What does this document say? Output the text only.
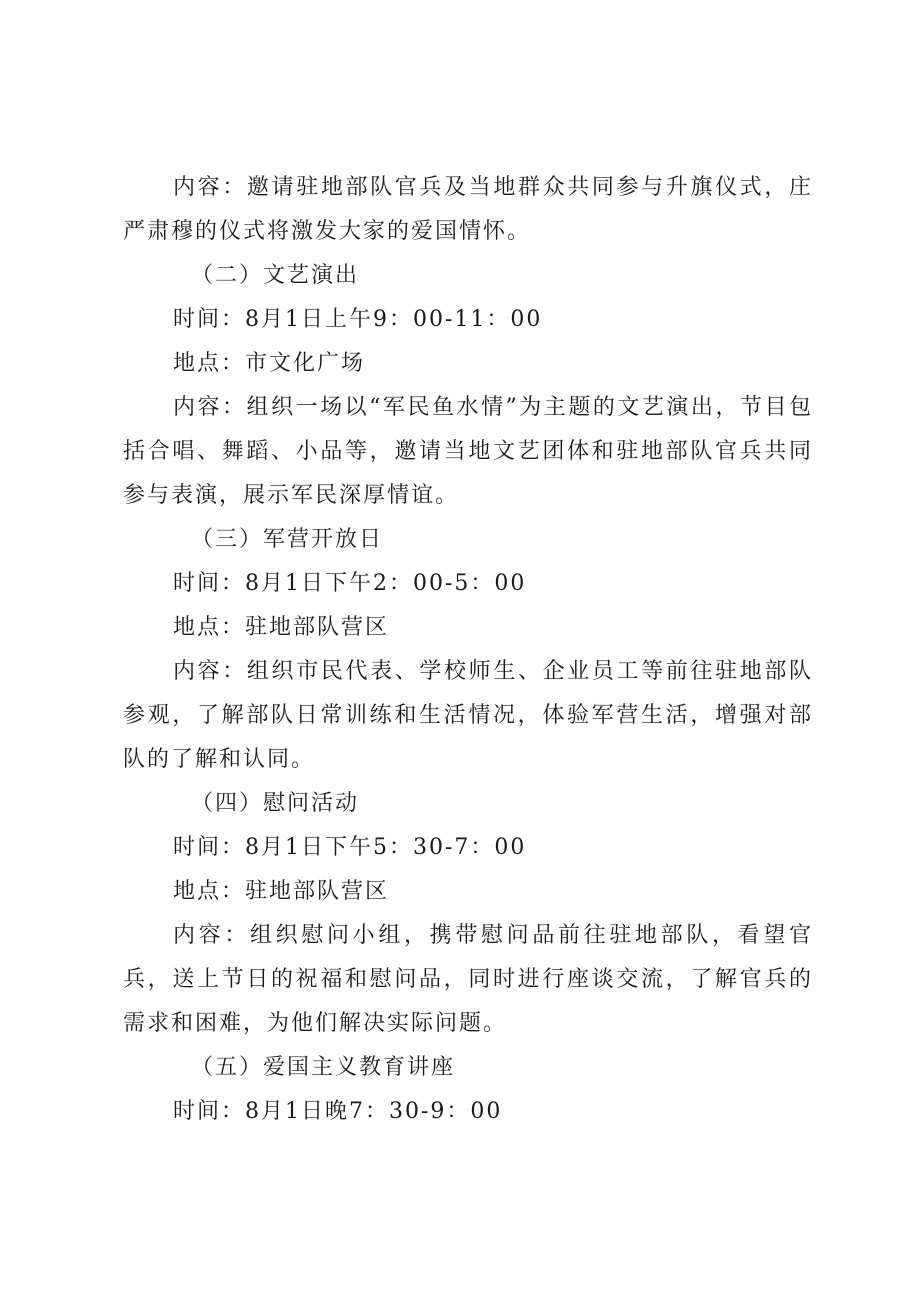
内容：邀请驻地部队官兵及当地群众共同参与升旗仪式，庄严肃穆的仪式将激发大家的爱国情怀。

（二）文艺演出

时间：8月1日上午9：00-11：00

地点：市文化广场

内容：组织一场以“军民鱼水情”为主题的文艺演出，节目包括合唱、舞蹈、小品等，邀请当地文艺团体和驻地部队官兵共同参与表演，展示军民深厚情谊。

（三）军营开放日

时间：8月1日下午2：00-5：00

地点：驻地部队营区

内容：组织市民代表、学校师生、企业员工等前往驻地部队参观，了解部队日常训练和生活情况，体验军营生活，增强对部队的了解和认同。

（四）慰问活动

时间：8月1日下午5：30-7：00

地点：驻地部队营区

内容：组织慰问小组，携带慰问品前往驻地部队，看望官兵，送上节日的祝福和慰问品，同时进行座谈交流，了解官兵的需求和困难，为他们解决实际问题。

（五）爱国主义教育讲座

时间：8月1日晚7：30-9：00
